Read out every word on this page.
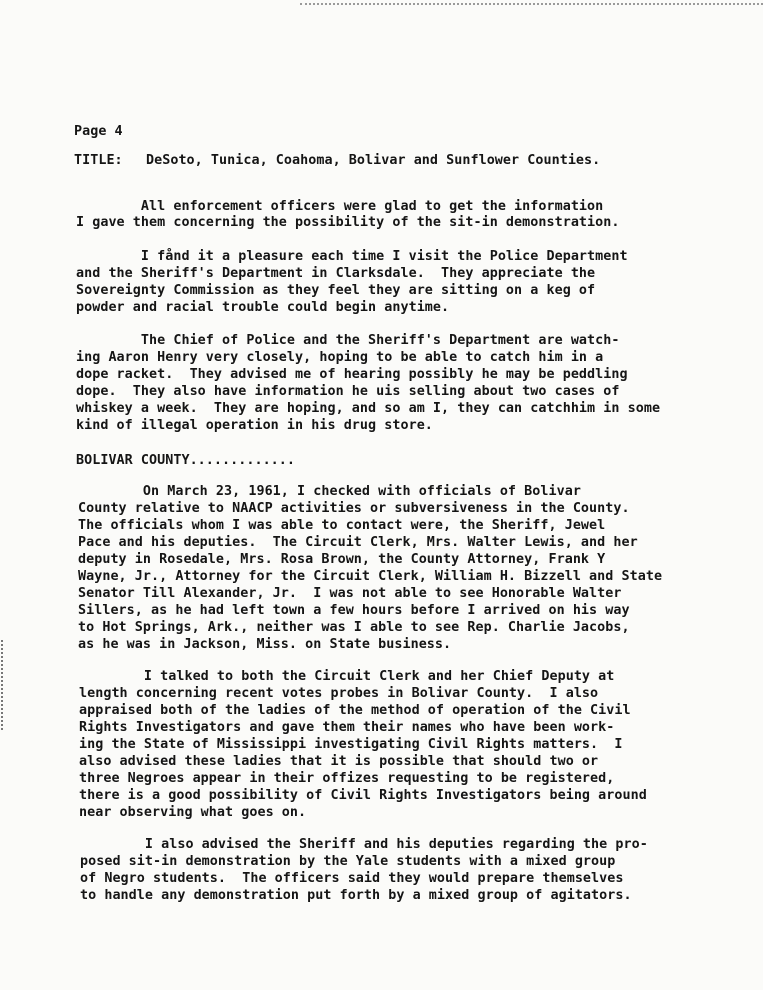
Page 4
TITLE: DeSoto, Tunica, Coahoma, Bolivar and Sunflower Counties.
All enforcement officers were glad to get the information
I gave them concerning the possibility of the sit-in demonstration.
I fånd it a pleasure each time I visit the Police Department
and the Sheriff's Department in Clarksdale.  They appreciate the
Sovereignty Commission as they feel they are sitting on a keg of
powder and racial trouble could begin anytime.
The Chief of Police and the Sheriff's Department are watch-
ing Aaron Henry very closely, hoping to be able to catch him in a
dope racket.  They advised me of hearing possibly he may be peddling
dope.  They also have information he uis selling about two cases of
whiskey a week.  They are hoping, and so am I, they can catchhim in some
kind of illegal operation in his drug store.
BOLIVAR COUNTY.............
On March 23, 1961, I checked with officials of Bolivar
County relative to NAACP activities or subversiveness in the County.
The officials whom I was able to contact were, the Sheriff, Jewel
Pace and his deputies.  The Circuit Clerk, Mrs. Walter Lewis, and her
deputy in Rosedale, Mrs. Rosa Brown, the County Attorney, Frank Y
Wayne, Jr., Attorney for the Circuit Clerk, William H. Bizzell and State
Senator Till Alexander, Jr.  I was not able to see Honorable Walter
Sillers, as he had left town a few hours before I arrived on his way
to Hot Springs, Ark., neither was I able to see Rep. Charlie Jacobs,
as he was in Jackson, Miss. on State business.
I talked to both the Circuit Clerk and her Chief Deputy at
length concerning recent votes probes in Bolivar County.  I also
appraised both of the ladies of the method of operation of the Civil
Rights Investigators and gave them their names who have been work-
ing the State of Mississippi investigating Civil Rights matters.  I
also advised these ladies that it is possible that should two or
three Negroes appear in their offizes requesting to be registered,
there is a good possibility of Civil Rights Investigators being around
near observing what goes on.
I also advised the Sheriff and his deputies regarding the pro-
posed sit-in demonstration by the Yale students with a mixed group
of Negro students.  The officers said they would prepare themselves
to handle any demonstration put forth by a mixed group of agitators.
